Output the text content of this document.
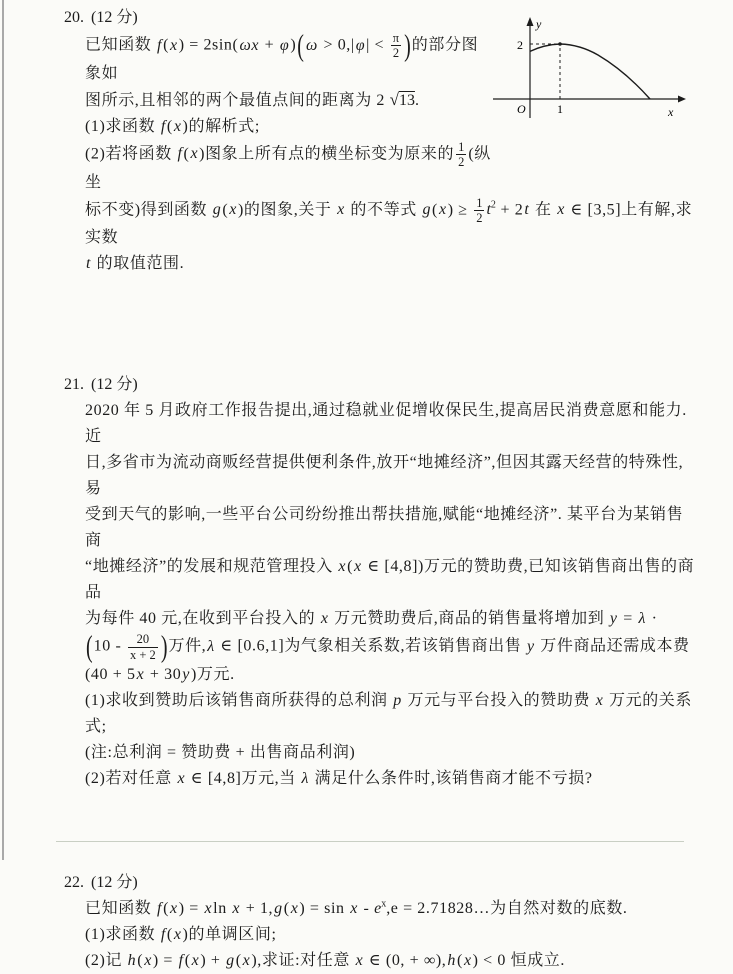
20. (12 分)
已知函数 f(x) = 2sin(ωx + φ)( $\omega > 0,|\varphi| < \frac{\pi}{2}$ )的部分图象如
图所示,且相邻的两个最值点间的距离为 2 √13.
(1)求函数 f(x)的解析式;
(2)若将函数 f(x)图象上所有点的横坐标变为原来的 $\frac{1}{2}$ (纵坐
标不变)得到函数 g(x)的图象,关于 x 的不等式 $g(x) \ge \frac{1}{2} t^2 + 2t$ 在 x ∈ [3,5]上有解,求实数
t 的取值范围.
21. (12 分)
2020 年 5 月政府工作报告提出,通过稳就业促增收保民生,提高居民消费意愿和能力. 近
日,多省市为流动商贩经营提供便利条件,放开“地摊经济”,但因其露天经营的特殊性,易
受到天气的影响,一些平台公司纷纷推出帮扶措施,赋能“地摊经济”. 某平台为某销售商
“地摊经济”的发展和规范管理投入 x(x ∈ [4,8])万元的赞助费,已知该销售商出售的商品
为每件 40 元,在收到平台投入的 x 万元赞助费后,商品的销售量将增加到 y = λ ·
($10 - \frac{20}{x + 2}$ )万件,λ ∈ [0.6,1]为气象相关系数,若该销售商出售 y 万件商品还需成本费
(40 + 5x + 30y)万元.
(1)求收到赞助后该销售商所获得的总利润 p 万元与平台投入的赞助费 x 万元的关系式;
(注:总利润 = 赞助费 + 出售商品利润)
(2)若对任意 x ∈ [4,8]万元,当 λ 满足什么条件时,该销售商才能不亏损?
22. (12 分)
已知函数 f(x) = xln $x + 1,g(x) = \sin x - e^x,e$ = 2.71828…为自然对数的底数.
(1)求函数 f(x)的单调区间;
(2)记 h(x) = f(x) + g(x),求证:对任意 x ∈ (0, + ∞),h(x) < 0 恒成立.
y
x
O
2
1
